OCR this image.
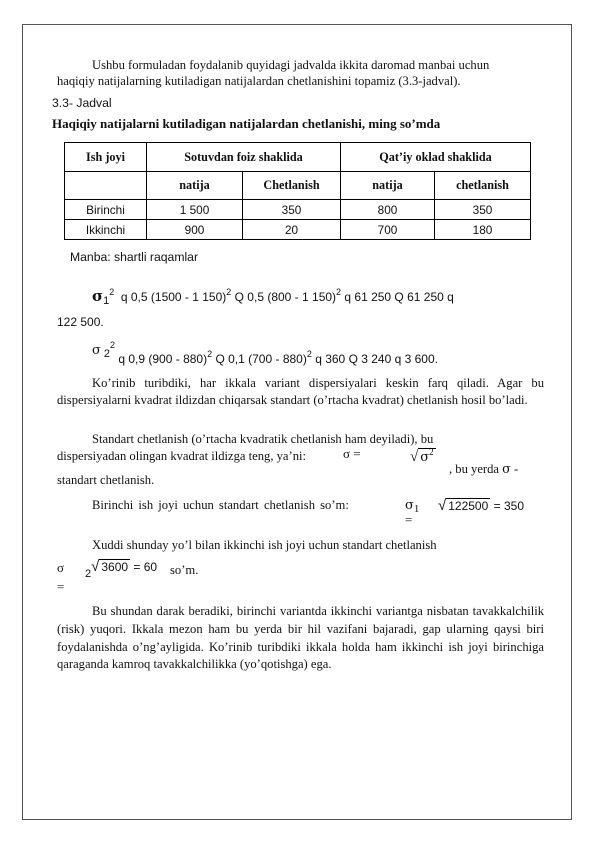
Ushbu formuladan foydalanib quyidagi jadvalda ikkita daromad manbai uchun
haqiqiy natijalarning kutiladigan natijalardan chetlanishini topamiz (3.3-jadval).
3.3- Jadval
Haqiqiy natijalarni kutiladigan natijalardan chetlanishi, ming so’mda
Ish joyi	Sotuvdan foiz shaklida		Qat’iy oklad shaklida	
	natija	Chetlanish	natija	chetlanish
Birinchi	1 500	350	800	350
Ikkinchi	900	20	700	180
Manba: shartli raqamlar
$\sigma 1^2$ q 0,5 (1500 - 1 150)$^2$ Q 0,5 (800 - 1 150)$^2$ q 61 250 Q 61 250 q
122 500.
σ $2^2$ q 0,9 (900 - 880)$^2$ Q 0,1 (700 - 880)$^2$ q 360 Q 3 240 q 3 600.
Ko’rinib turibdiki, har ikkala variant dispersiyalari keskin farq qiladi. Agar bu dispersiyalarni kvadrat ildizdan chiqarsak standart (o’rtacha kvadrat) chetlanish hosil bo’ladi.
Standart chetlanish (o’rtacha kvadratik chetlanish ham deyiladi), bu
dispersiyadan olingan kvadrat ildizga teng, ya’ni:	σ =	√ $\sigma^2$
, bu yerda σ -
standart chetlanish.
Birinchi ish joyi uchun standart chetlanish so’m:	$\sigma_1$
=
√ 122500 = 350
Xuddi shunday yo’l bilan ikkinchi ish joyi uchun standart chetlanish
σ
=
2√ 3600 = 60 so’m.
Bu shundan darak beradiki, birinchi variantda ikkinchi variantga nisbatan tavakkalchilik (risk) yuqori. Ikkala mezon ham bu yerda bir hil vazifani bajaradi, gap ularning qaysi biri foydalanishda o’ng’ayligida. Ko’rinib turibdiki ikkala holda ham ikkinchi ish joyi birinchiga qaraganda kamroq tavakkalchilikka (yo’qotishga) ega.
